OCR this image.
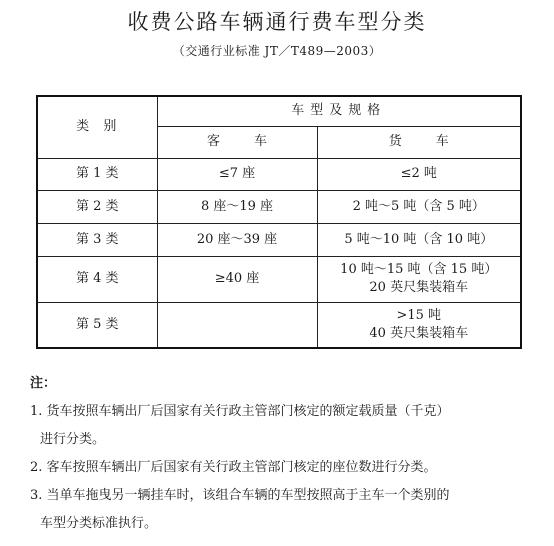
收费公路车辆通行费车型分类
（交通行业标准 JT／T489—2003）
类  别	车型及规格	
	客 车	货 车
第 1 类	≤7 座	≤2 吨
第 2 类	8 座～19 座	2 吨～5 吨（含 5 吨）
第 3 类	20 座～39 座	5 吨～10 吨（含 10 吨）
第 4 类	≥40 座	10 吨～15 吨（含 15 吨）
20 英尺集装箱车

第 5 类		>15 吨
40 英尺集装箱车
注：
1. 货车按照车辆出厂后国家有关行政主管部门核定的额定载质量（千克）
进行分类。
2. 客车按照车辆出厂后国家有关行政主管部门核定的座位数进行分类。
3. 当单车拖曳另一辆挂车时，该组合车辆的车型按照高于主车一个类别的
车型分类标准执行。
